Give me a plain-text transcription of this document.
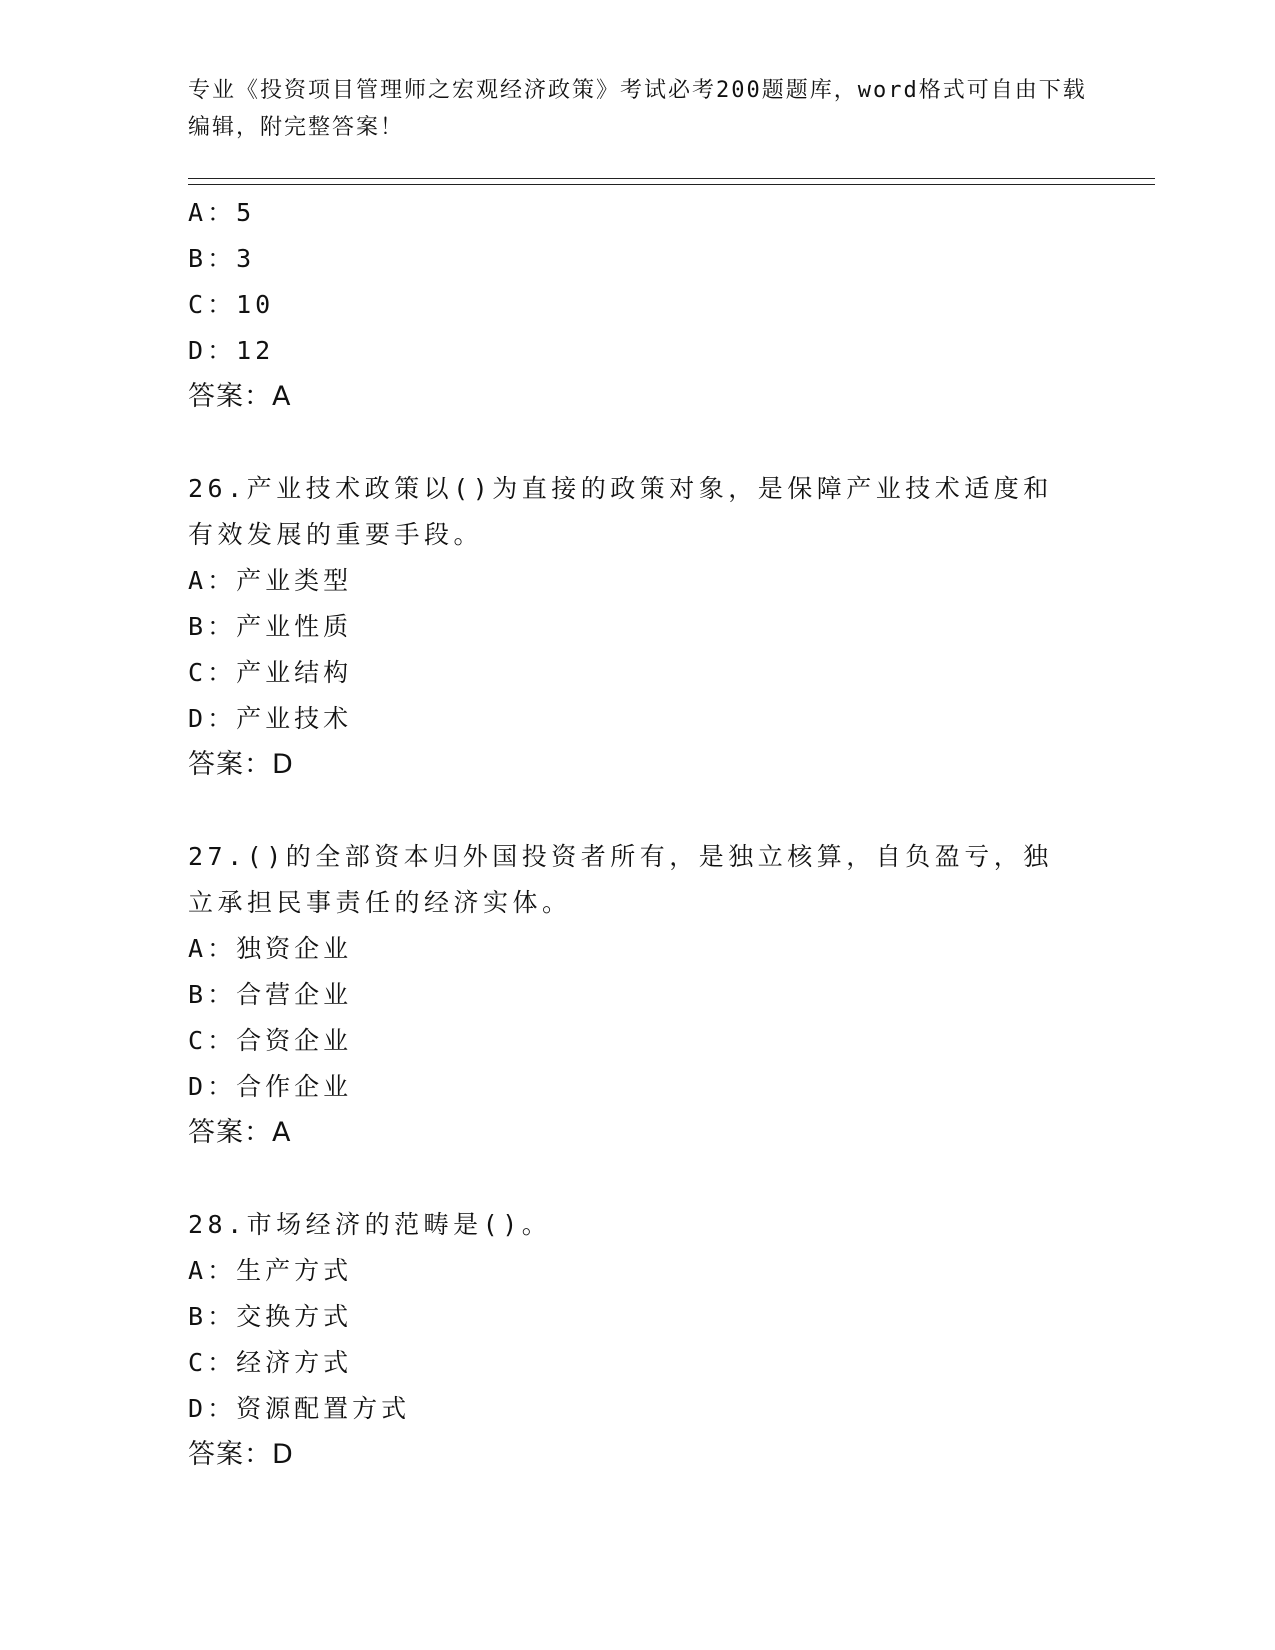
专业《投资项目管理师之宏观经济政策》考试必考200题题库，word格式可自由下载编辑，附完整答案！
A：5
B：3
C：10
D：12
答案：A
26.产业技术政策以()为直接的政策对象，是保障产业技术适度和有效发展的重要手段。
A：产业类型
B：产业性质
C：产业结构
D：产业技术
答案：D
27.()的全部资本归外国投资者所有，是独立核算，自负盈亏，独立承担民事责任的经济实体。
A：独资企业
B：合营企业
C：合资企业
D：合作企业
答案：A
28.市场经济的范畴是()。
A：生产方式
B：交换方式
C：经济方式
D：资源配置方式
答案：D
